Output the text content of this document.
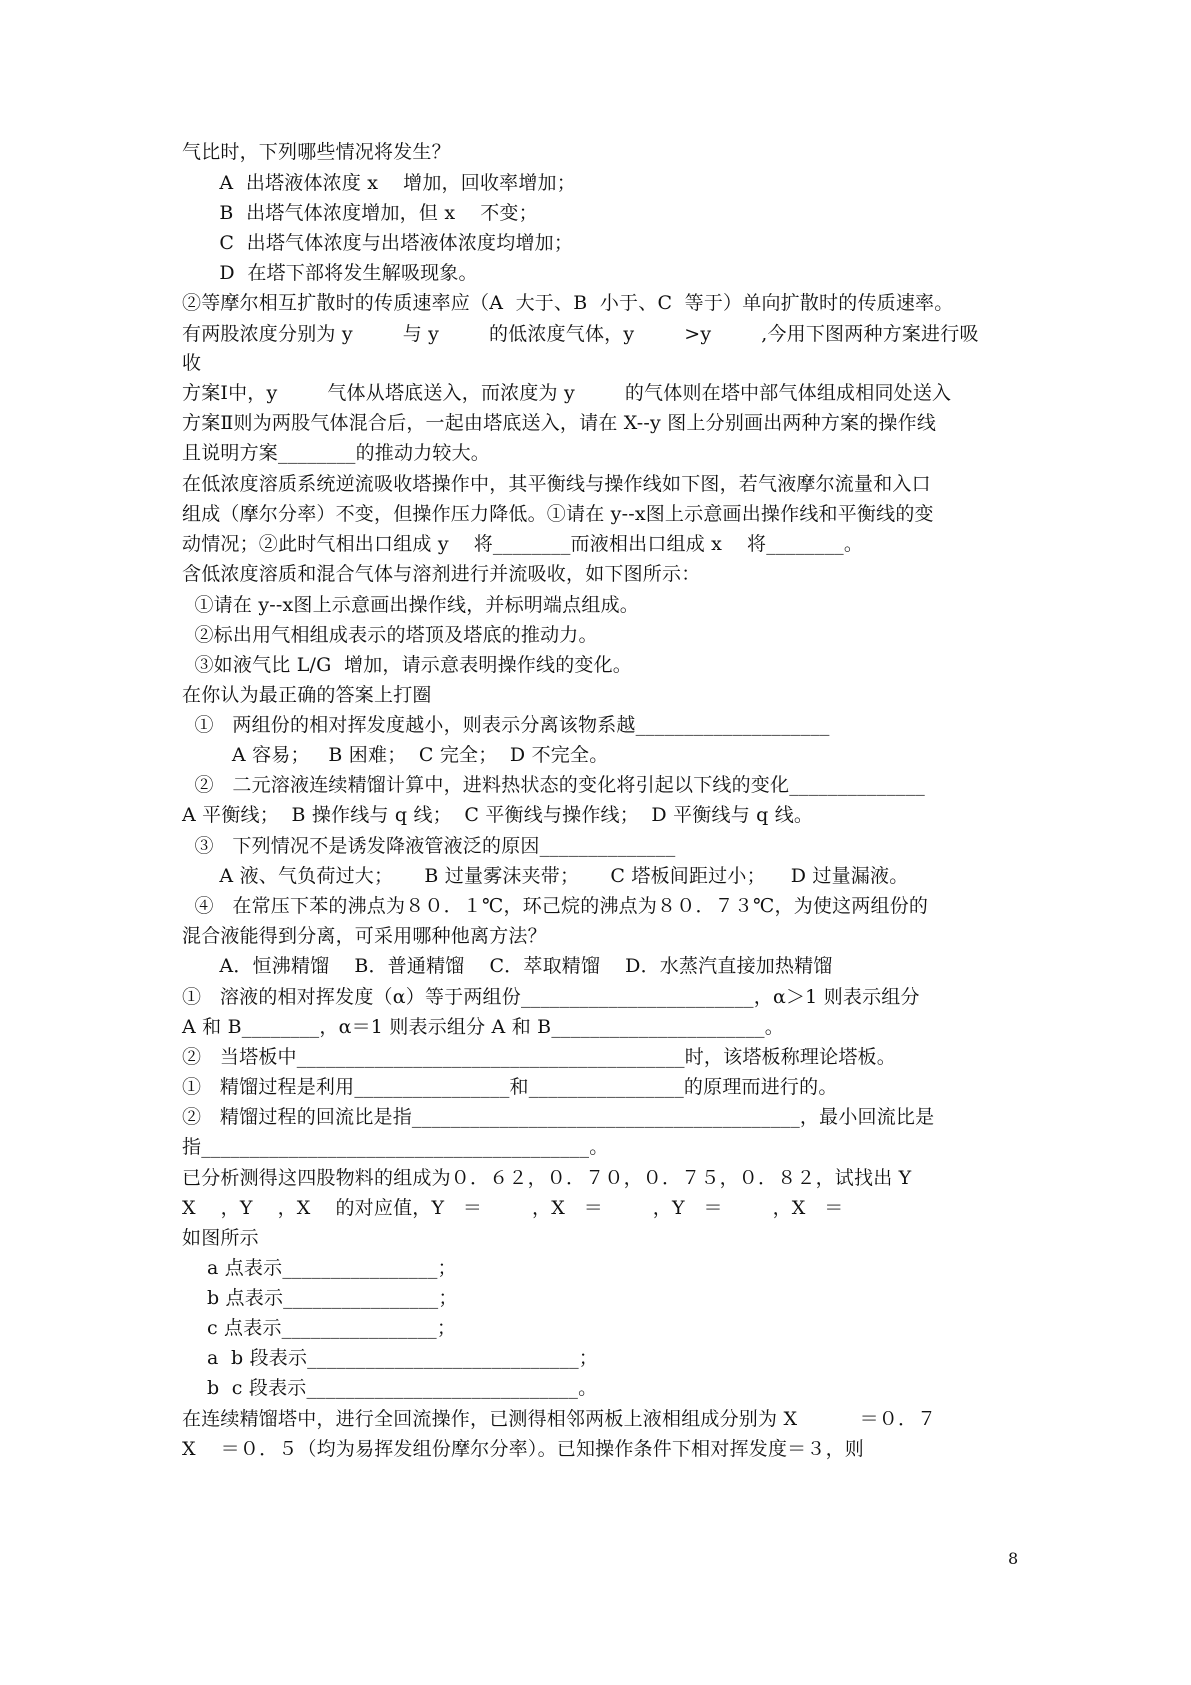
气比时，下列哪些情况将发生？
A  出塔液体浓度 x    增加，回收率增加；
B  出塔气体浓度增加，但 x    不变；
C  出塔气体浓度与出塔液体浓度均增加；
D  在塔下部将发生解吸现象。
②等摩尔相互扩散时的传质速率应（A  大于、B  小于、C  等于）单向扩散时的传质速率。
有两股浓度分别为 y        与 y        的低浓度气体，y        >y        ,今用下图两种方案进行吸
收
方案Ⅰ中，y        气体从塔底送入，而浓度为 y        的气体则在塔中部气体组成相同处送入
方案Ⅱ则为两股气体混合后，一起由塔底送入，请在 X--y 图上分别画出两种方案的操作线
且说明方案________的推动力较大。
在低浓度溶质系统逆流吸收塔操作中，其平衡线与操作线如下图，若气液摩尔流量和入口
组成（摩尔分率）不变，但操作压力降低。①请在 y--x图上示意画出操作线和平衡线的变
动情况；②此时气相出口组成 y    将________而液相出口组成 x    将________。
含低浓度溶质和混合气体与溶剂进行并流吸收，如下图所示：
①请在 y--x图上示意画出操作线，并标明端点组成。
②标出用气相组成表示的塔顶及塔底的推动力。
③如液气比 L/G  增加，请示意表明操作线的变化。
在你认为最正确的答案上打圈
①   两组份的相对挥发度越小，则表示分离该物系越____________________
A 容易；   B 困难；  C 完全；  D 不完全。
②   二元溶液连续精馏计算中，进料热状态的变化将引起以下线的变化______________
A 平衡线；  B 操作线与 q 线；  C 平衡线与操作线；  D 平衡线与 q 线。
③   下列情况不是诱发降液管液泛的原因______________
A 液、气负荷过大；     B 过量雾沫夹带；     C 塔板间距过小；    D 过量漏液。
④   在常压下苯的沸点为８０．１℃，环己烷的沸点为８０．７３℃，为使这两组份的
混合液能得到分离，可采用哪种他离方法？
A．恒沸精馏    B．普通精馏    C．萃取精馏    D．水蒸汽直接加热精馏
①   溶液的相对挥发度（α）等于两组份________________________，α＞1 则表示组分
A 和 B________，α＝1 则表示组分 A 和 B______________________。
②   当塔板中________________________________________时，该塔板称理论塔板。
①   精馏过程是利用________________和________________的原理而进行的。
②   精馏过程的回流比是指________________________________________，最小回流比是
指________________________________________。
已分析测得这四股物料的组成为０．６２，０．７０，０．７５，０．８２，试找出 Y
X    ，Y    ，X    的对应值，Y   ＝        ，X   ＝        ，Y   ＝        ，X   ＝
如图所示
a 点表示________________；
b 点表示________________；
c 点表示________________；
a  b 段表示____________________________；
b  c 段表示____________________________。
在连续精馏塔中，进行全回流操作，已测得相邻两板上液相组成分别为 X          ＝０．７
X    ＝０．５（均为易挥发组份摩尔分率）。已知操作条件下相对挥发度＝３，则
8
